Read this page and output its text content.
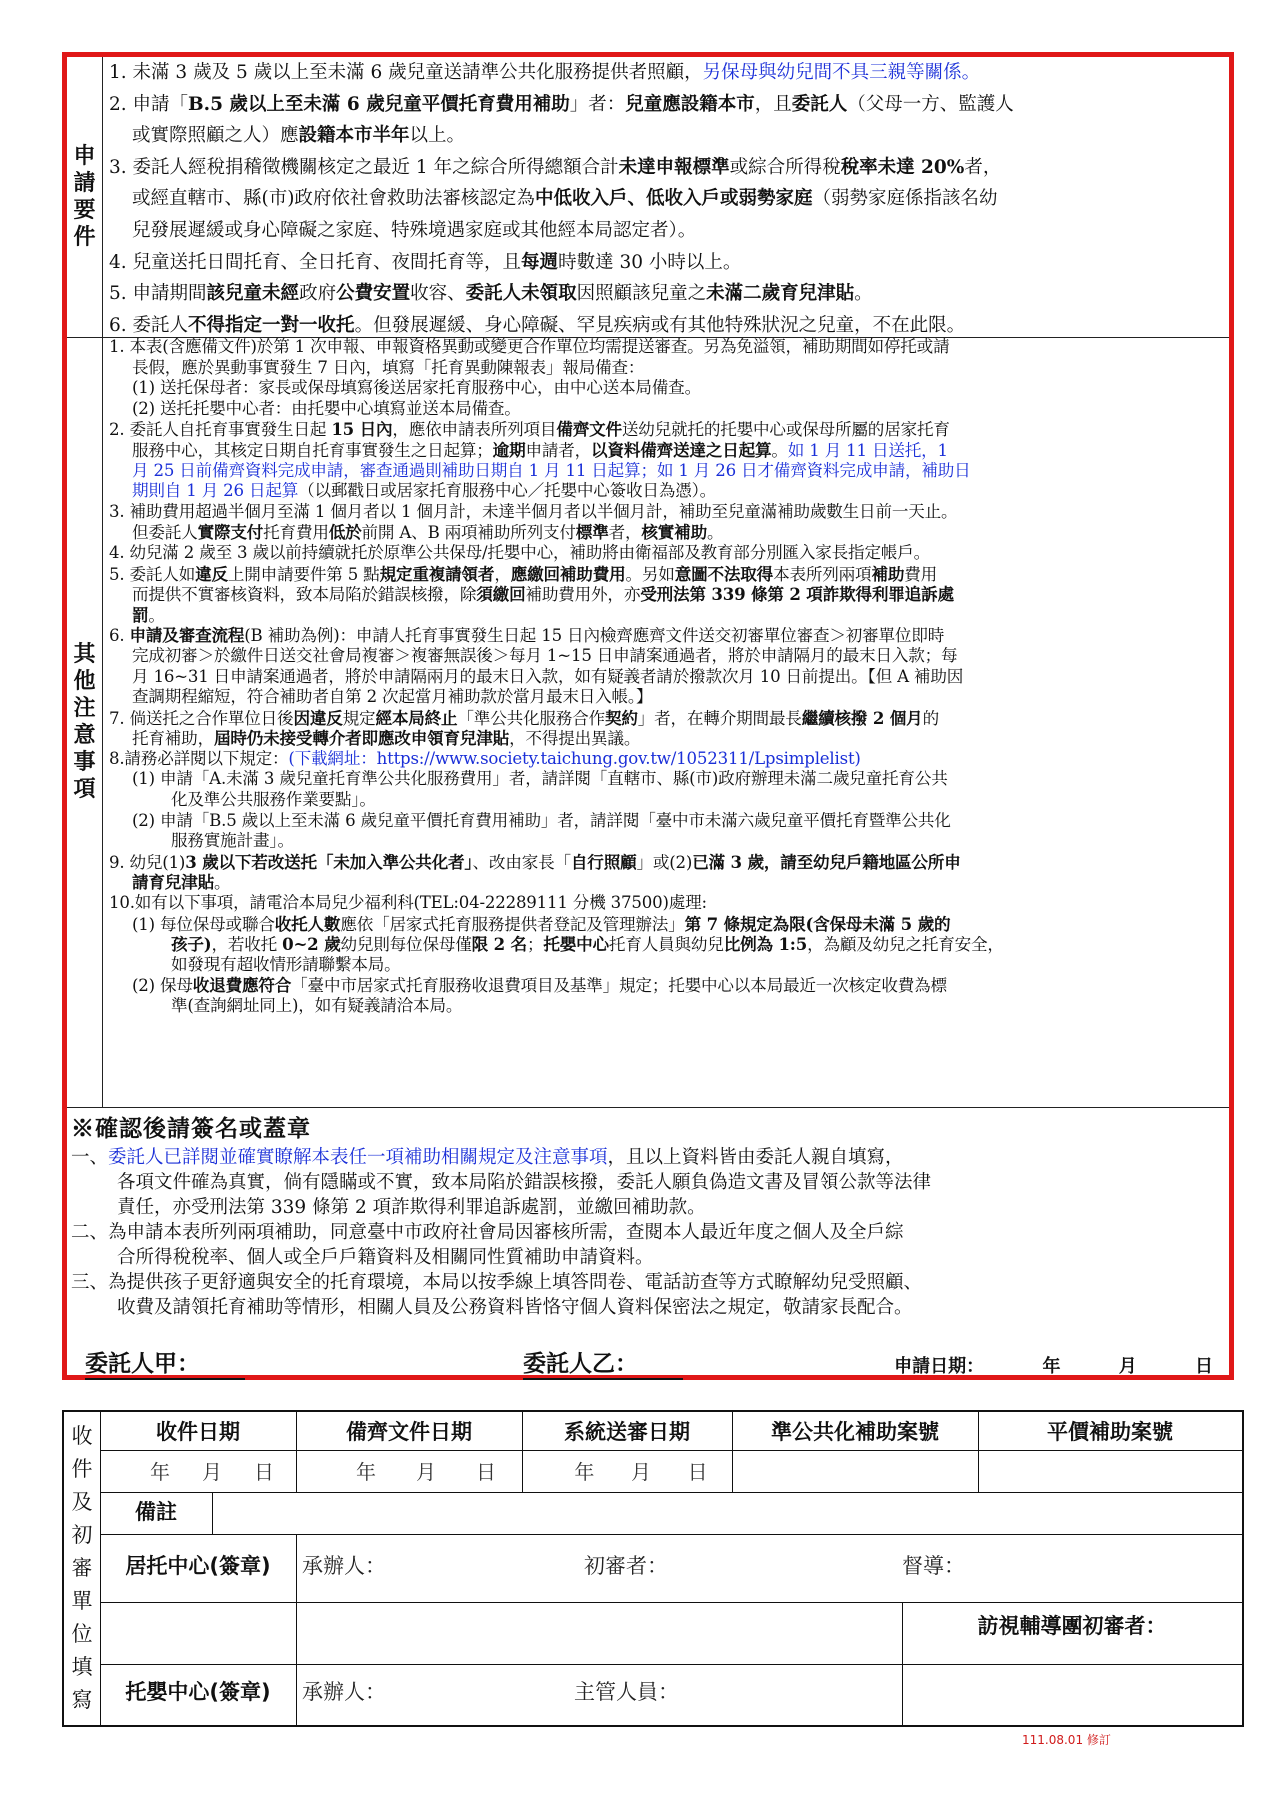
申
請
要
件
1. 未滿 3 歲及 5 歲以上至未滿 6 歲兒童送請準公共化服務提供者照顧，另保母與幼兒間不具三親等關係。
2. 申請「B.5 歲以上至未滿 6 歲兒童平價托育費用補助」者：兒童應設籍本市，且委託人（父母一方、監護人
或實際照顧之人）應設籍本市半年以上。
3. 委託人經稅捐稽徵機關核定之最近 1 年之綜合所得總額合計未達申報標準或綜合所得稅稅率未達 20%者，
或經直轄市、縣(市)政府依社會救助法審核認定為中低收入戶、低收入戶或弱勢家庭（弱勢家庭係指該名幼
兒發展遲緩或身心障礙之家庭、特殊境遇家庭或其他經本局認定者）。
4. 兒童送托日間托育、全日托育、夜間托育等，且每週時數達 30 小時以上。
5. 申請期間該兒童未經政府公費安置收容、委託人未領取因照顧該兒童之未滿二歲育兒津貼。
6. 委託人不得指定一對一收托。但發展遲緩、身心障礙、罕見疾病或有其他特殊狀況之兒童，不在此限。
其
他
注
意
事
項
1. 本表(含應備文件)於第 1 次申報、申報資格異動或變更合作單位均需提送審查。另為免溢領，補助期間如停托或請
長假，應於異動事實發生 7 日內，填寫「托育異動陳報表」報局備查：
(1) 送托保母者：家長或保母填寫後送居家托育服務中心，由中心送本局備查。
(2) 送托托嬰中心者：由托嬰中心填寫並送本局備查。
2. 委託人自托育事實發生日起 15 日內，應依申請表所列項目備齊文件送幼兒就托的托嬰中心或保母所屬的居家托育
服務中心，其核定日期自托育事實發生之日起算；逾期申請者，以資料備齊送達之日起算。如 1 月 11 日送托，1
月 25 日前備齊資料完成申請，審查通過則補助日期自 1 月 11 日起算；如 1 月 26 日才備齊資料完成申請，補助日
期則自 1 月 26 日起算（以郵戳日或居家托育服務中心／托嬰中心簽收日為憑）。
3. 補助費用超過半個月至滿 1 個月者以 1 個月計，未達半個月者以半個月計，補助至兒童滿補助歲數生日前一天止。
但委託人實際支付托育費用低於前開 A、B 兩項補助所列支付標準者，核實補助。
4. 幼兒滿 2 歲至 3 歲以前持續就托於原準公共保母/托嬰中心，補助將由衛福部及教育部分別匯入家長指定帳戶。
5. 委託人如違反上開申請要件第 5 點規定重複請領者，應繳回補助費用。另如意圖不法取得本表所列兩項補助費用
而提供不實審核資料，致本局陷於錯誤核撥，除須繳回補助費用外，亦受刑法第 339 條第 2 項詐欺得利罪追訴處
罰。
6. 申請及審查流程(B 補助為例)：申請人托育事實發生日起 15 日內檢齊應齊文件送交初審單位審查＞初審單位即時
完成初審＞於繳件日送交社會局複審＞複審無誤後＞每月 1~15 日申請案通過者，將於申請隔月的最末日入款；每
月 16~31 日申請案通過者，將於申請隔兩月的最末日入款，如有疑義者請於撥款次月 10 日前提出。【但 A 補助因
查調期程縮短，符合補助者自第 2 次起當月補助款於當月最末日入帳。】
7. 倘送托之合作單位日後因違反規定經本局終止「準公共化服務合作契約」者，在轉介期間最長繼續核撥 2 個月的
托育補助，屆時仍未接受轉介者即應改申領育兒津貼，不得提出異議。
8.請務必詳閱以下規定：(下載網址：https://www.society.taichung.gov.tw/1052311/Lpsimplelist)
(1) 申請「A.未滿 3 歲兒童托育準公共化服務費用」者，請詳閱「直轄市、縣(市)政府辦理未滿二歲兒童托育公共
化及準公共服務作業要點」。
(2) 申請「B.5 歲以上至未滿 6 歲兒童平價托育費用補助」者，請詳閱「臺中市未滿六歲兒童平價托育暨準公共化
服務實施計畫」。
9. 幼兒(1)3 歲以下若改送托「未加入準公共化者」、改由家長「自行照顧」或(2)已滿 3 歲，請至幼兒戶籍地區公所申
請育兒津貼。
10.如有以下事項，請電洽本局兒少福利科(TEL:04-22289111 分機 37500)處理:
(1) 每位保母或聯合收托人數應依「居家式托育服務提供者登記及管理辦法」第 7 條規定為限(含保母未滿 5 歲的
孩子)，若收托 0~2 歲幼兒則每位保母僅限 2 名；托嬰中心托育人員與幼兒比例為 1:5，為顧及幼兒之托育安全，
如發現有超收情形請聯繫本局。
(2) 保母收退費應符合「臺中市居家式托育服務收退費項目及基準」規定；托嬰中心以本局最近一次核定收費為標
準(查詢網址同上)，如有疑義請洽本局。
※確認後請簽名或蓋章
一、委託人已詳閱並確實瞭解本表任一項補助相關規定及注意事項，且以上資料皆由委託人親自填寫，
各項文件確為真實，倘有隱瞞或不實，致本局陷於錯誤核撥，委託人願負偽造文書及冒領公款等法律
責任，亦受刑法第 339 條第 2 項詐欺得利罪追訴處罰，並繳回補助款。
二、為申請本表所列兩項補助，同意臺中市政府社會局因審核所需，查閱本人最近年度之個人及全戶綜
合所得稅稅率、個人或全戶戶籍資料及相關同性質補助申請資料。
三、為提供孩子更舒適與安全的托育環境，本局以按季線上填答問卷、電話訪查等方式瞭解幼兒受照顧、
收費及請領托育補助等情形，相關人員及公務資料皆恪守個人資料保密法之規定，敬請家長配合。
委託人甲：	委託人乙：	申請日期：	年	月	日
收
件
及
初
審
單
位
填
寫
收件日期	備齊文件日期	系統送審日期	準公共化補助案號	平價補助案號
年 月 日	年 月 日	年 月 日
備註
居托中心(簽章)	承辦人：	初審者：	督導：
托嬰中心(簽章)	承辦人：	主管人員：
訪視輔導團初審者：
111.08.01 修訂
